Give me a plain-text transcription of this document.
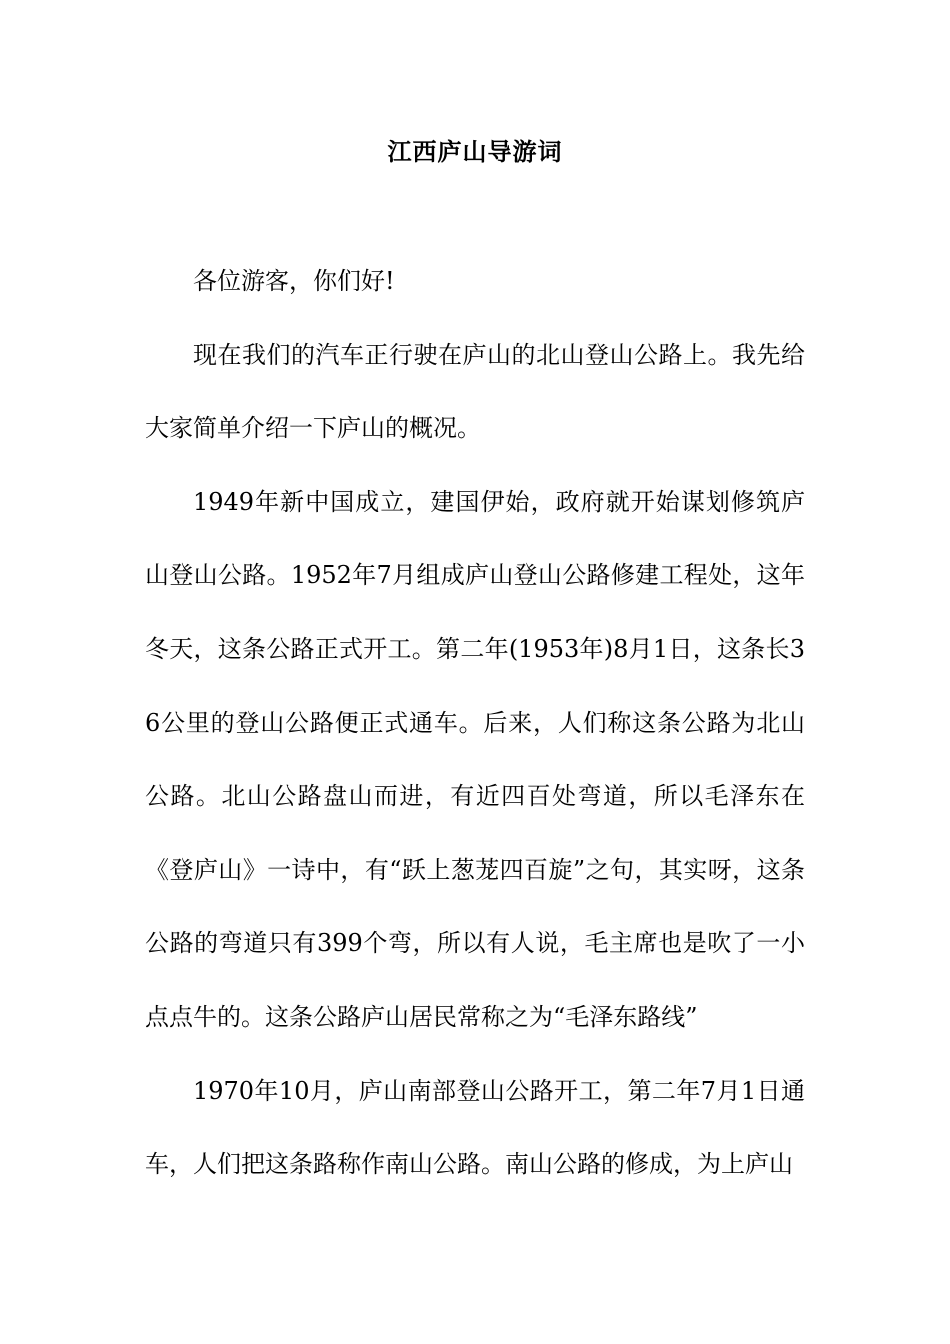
江西庐山导游词

各位游客，你们好!

现在我们的汽车正行驶在庐山的北山登山公路上。我先给大家简单介绍一下庐山的概况。

1949年新中国成立，建国伊始，政府就开始谋划修筑庐山登山公路。1952年7月组成庐山登山公路修建工程处，这年冬天，这条公路正式开工。第二年(1953年)8月1日，这条长36公里的登山公路便正式通车。后来，人们称这条公路为北山公路。北山公路盘山而进，有近四百处弯道，所以毛泽东在《登庐山》一诗中，有“跃上葱茏四百旋”之句，其实呀，这条公路的弯道只有399个弯，所以有人说，毛主席也是吹了一小点点牛的。这条公路庐山居民常称之为“毛泽东路线”

1970年10月，庐山南部登山公路开工，第二年7月1日通车，人们把这条路称作南山公路。南山公路的修成，为上庐山
